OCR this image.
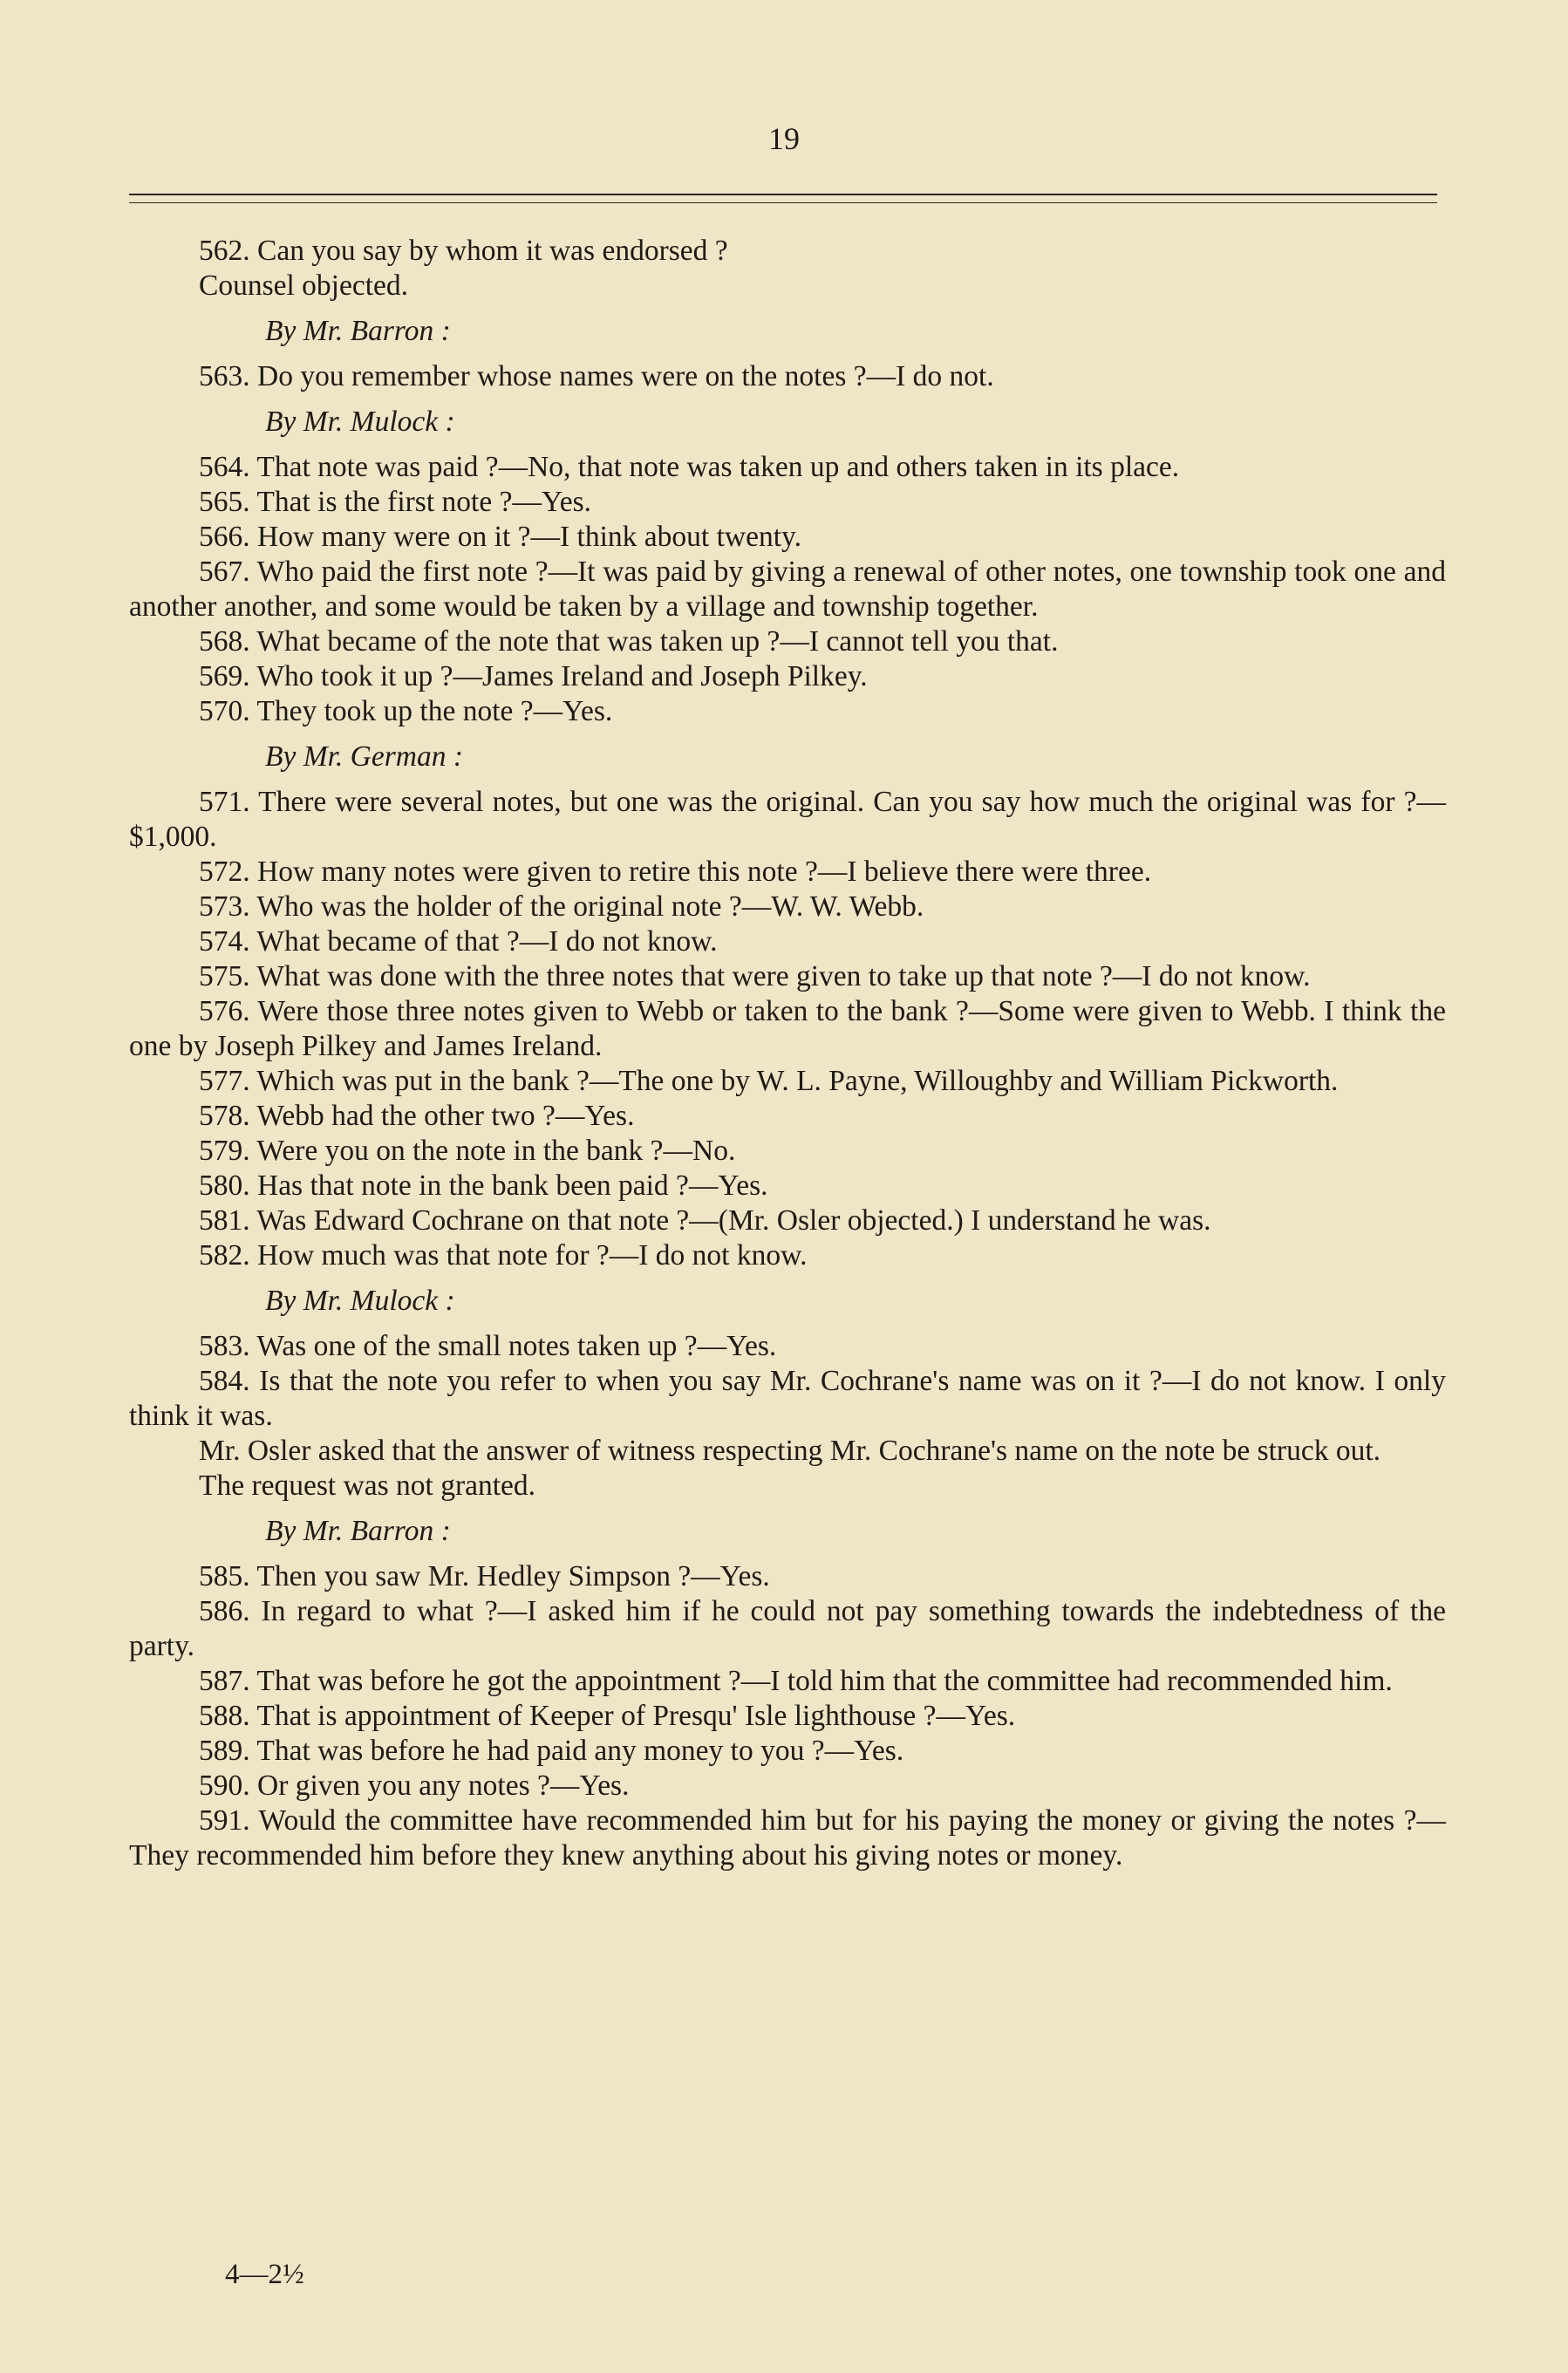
19

562. Can you say by whom it was endorsed ?

Counsel objected.

By Mr. Barron :

563. Do you remember whose names were on the notes ?—I do not.

By Mr. Mulock :

564. That note was paid ?—No, that note was taken up and others taken in its place.

565. That is the first note ?—Yes.

566. How many were on it ?—I think about twenty.

567. Who paid the first note ?—It was paid by giving a renewal of other notes, one township took one and another another, and some would be taken by a village and township together.

568. What became of the note that was taken up ?—I cannot tell you that.

569. Who took it up ?—James Ireland and Joseph Pilkey.

570. They took up the note ?—Yes.

By Mr. German :

571. There were several notes, but one was the original. Can you say how much the original was for ?—$1,000.

572. How many notes were given to retire this note ?—I believe there were three.

573. Who was the holder of the original note ?—W. W. Webb.

574. What became of that ?—I do not know.

575. What was done with the three notes that were given to take up that note ?—I do not know.

576. Were those three notes given to Webb or taken to the bank ?—Some were given to Webb. I think the one by Joseph Pilkey and James Ireland.

577. Which was put in the bank ?—The one by W. L. Payne, Willoughby and William Pickworth.

578. Webb had the other two ?—Yes.

579. Were you on the note in the bank ?—No.

580. Has that note in the bank been paid ?—Yes.

581. Was Edward Cochrane on that note ?—(Mr. Osler objected.) I understand he was.

582. How much was that note for ?—I do not know.

By Mr. Mulock :

583. Was one of the small notes taken up ?—Yes.

584. Is that the note you refer to when you say Mr. Cochrane's name was on it ?—I do not know. I only think it was.

Mr. Osler asked that the answer of witness respecting Mr. Cochrane's name on the note be struck out.

The request was not granted.

By Mr. Barron :

585. Then you saw Mr. Hedley Simpson ?—Yes.

586. In regard to what ?—I asked him if he could not pay something towards the indebtedness of the party.

587. That was before he got the appointment ?—I told him that the committee had recommended him.

588. That is appointment of Keeper of Presqu' Isle lighthouse ?—Yes.

589. That was before he had paid any money to you ?—Yes.

590. Or given you any notes ?—Yes.

591. Would the committee have recommended him but for his paying the money or giving the notes ?—They recommended him before they knew anything about his giving notes or money.

4—2½
